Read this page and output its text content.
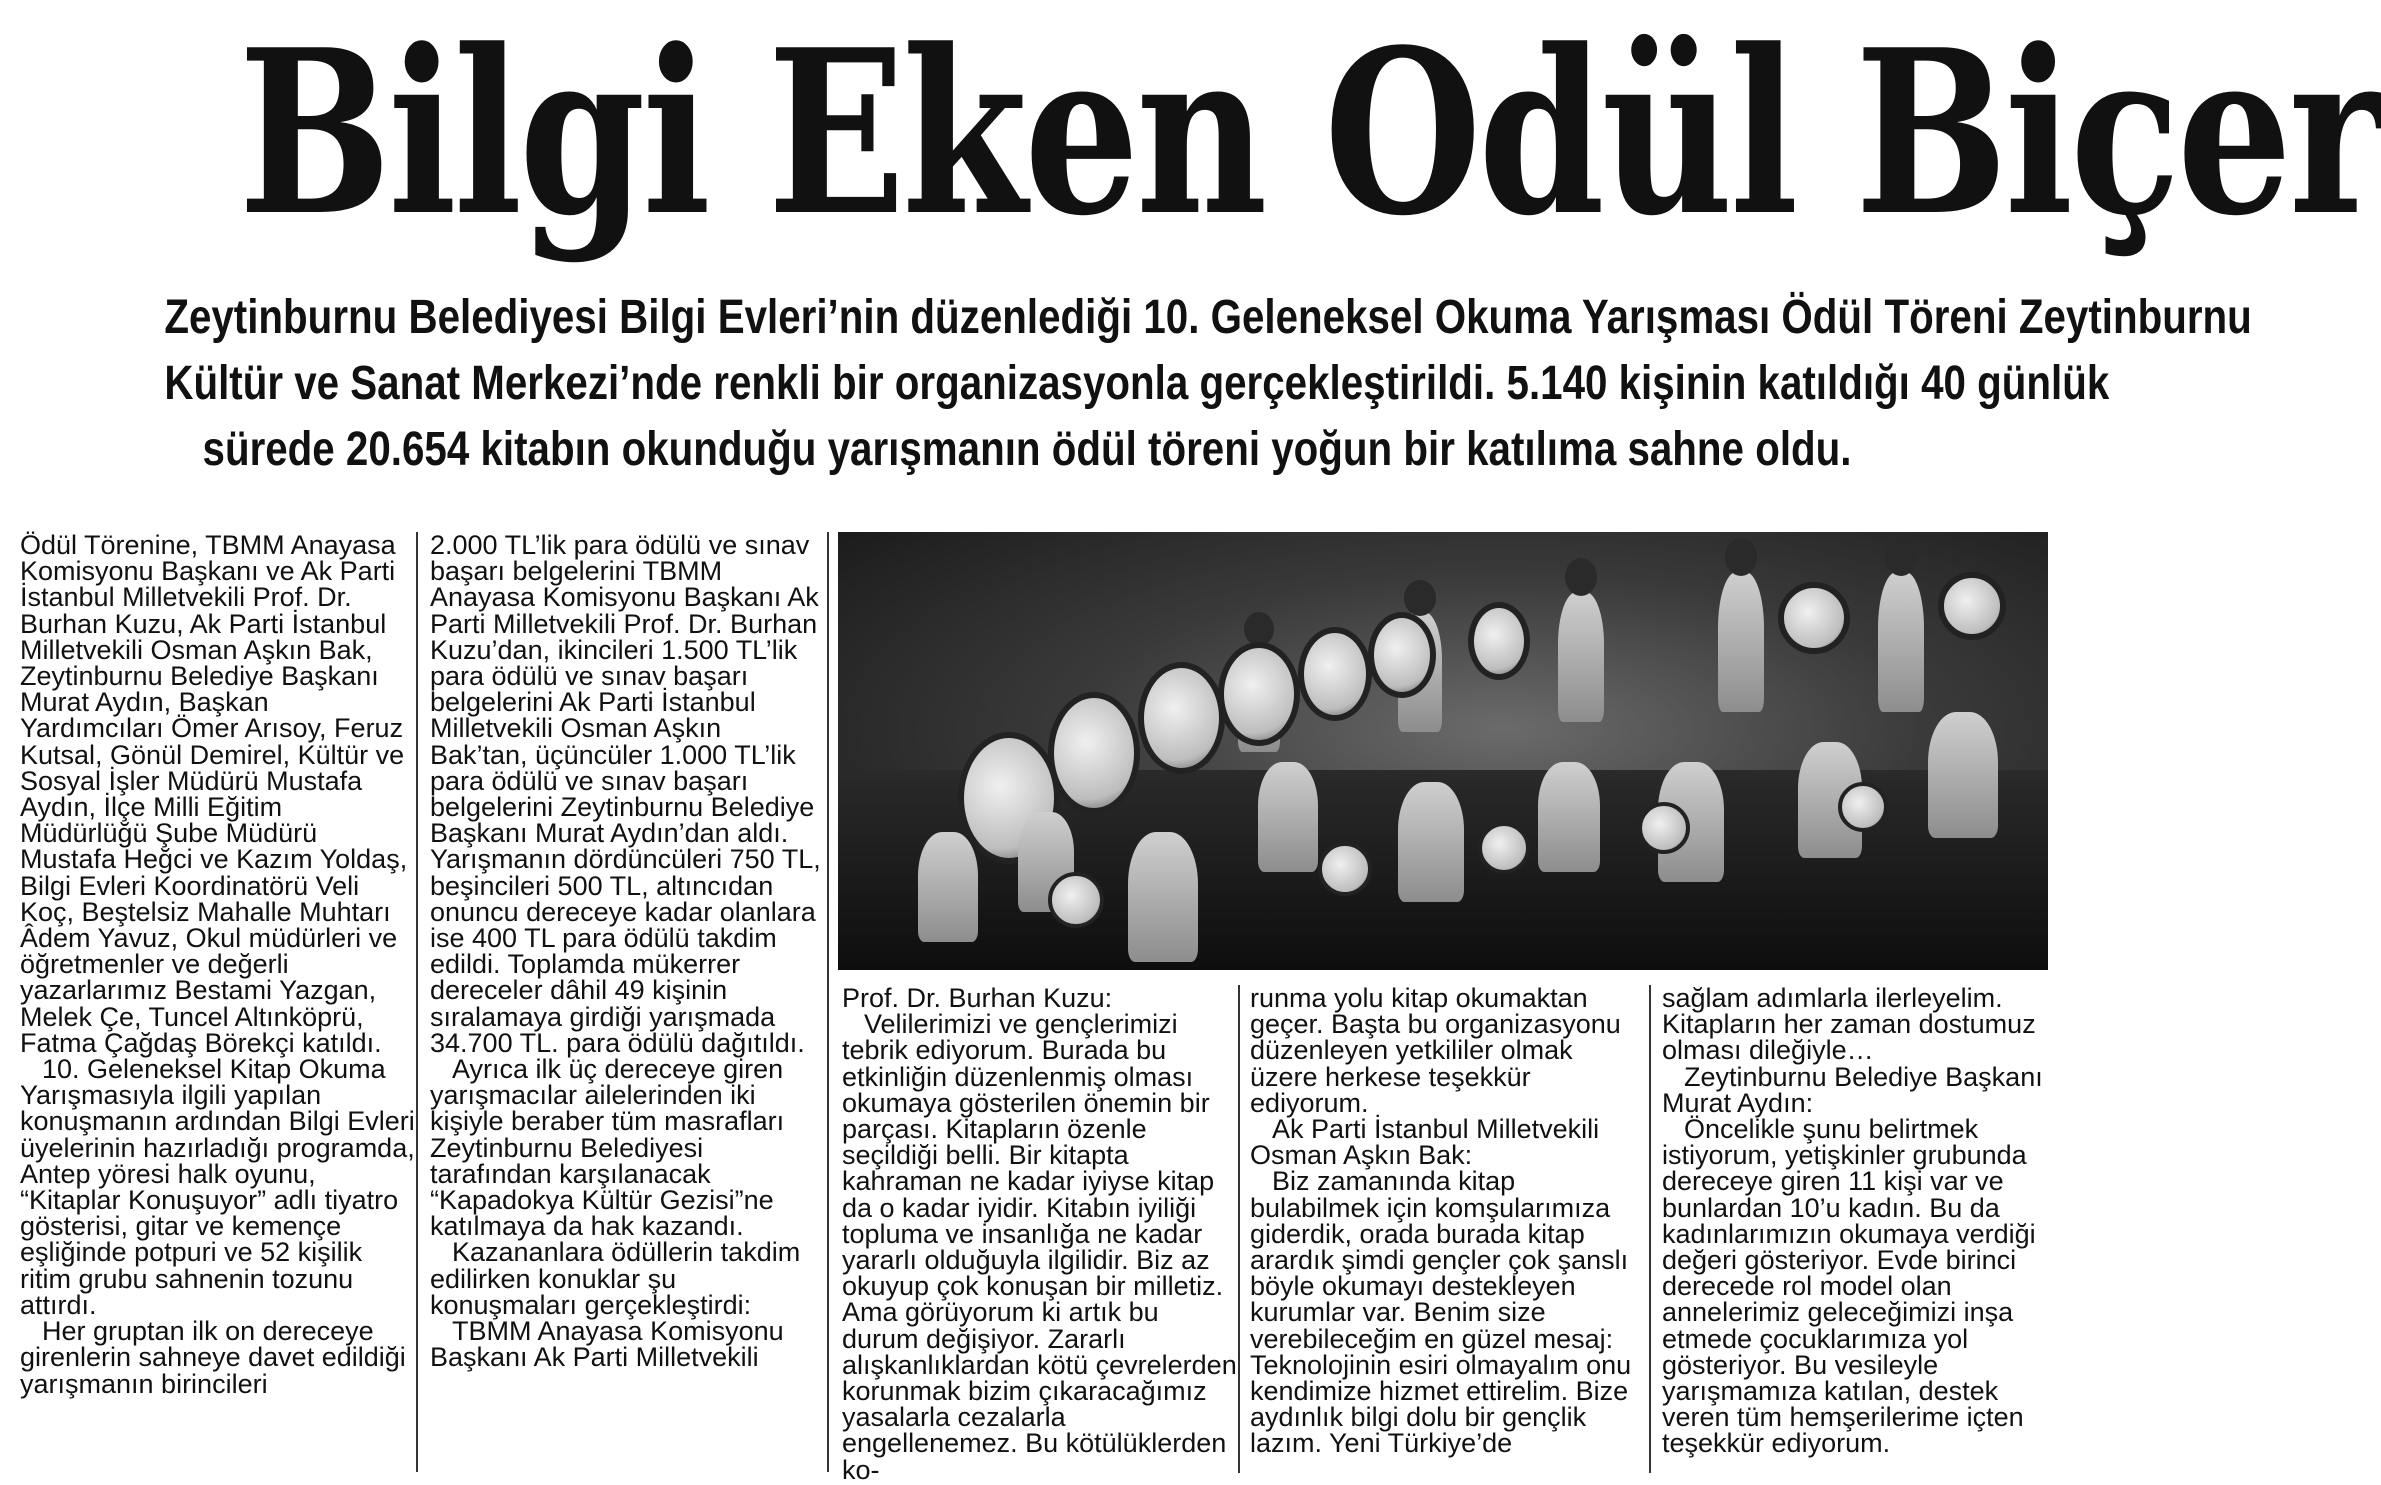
Bilgi Eken Odül Biçer
Zeytinburnu Belediyesi Bilgi Evleri’nin düzenlediği 10. Geleneksel Okuma Yarışması Ödül Töreni Zeytinburnu
Kültür ve Sanat Merkezi’nde renkli bir organizasyonla gerçekleştirildi. 5.140 kişinin katıldığı 40 günlük
sürede 20.654 kitabın okunduğu yarışmanın ödül töreni yoğun bir katılıma sahne oldu.

Ödül Törenine, TBMM Anayasa Komisyonu Başkanı ve Ak Parti İstanbul Milletvekili Prof. Dr. Burhan Kuzu, Ak Parti İstanbul Milletvekili Osman Aşkın Bak, Zeytinburnu Belediye Başkanı Murat Aydın, Başkan Yardımcıları Ömer Arısoy, Feruz Kutsal, Gönül Demirel, Kültür ve Sosyal İşler Müdürü Mustafa Aydın, İlçe Milli Eğitim Müdürlüğü Şube Müdürü Mustafa Heğci ve Kazım Yoldaş, Bilgi Evleri Koordinatörü Veli Koç, Beştelsiz Mahalle Muhtarı Âdem Yavuz, Okul müdürleri ve öğretmenler ve değerli yazarlarımız Bestami Yazgan, Melek Çe, Tuncel Altınköprü, Fatma Çağdaş Börekçi katıldı.

10. Geleneksel Kitap Okuma Yarışmasıyla ilgili yapılan konuşmanın ardından Bilgi Evleri üyelerinin hazırladığı programda, Antep yöresi halk oyunu, “Kitaplar Konuşuyor” adlı tiyatro gösterisi, gitar ve kemençe eşliğinde potpuri ve 52 kişilik ritim grubu sahnenin tozunu attırdı.

Her gruptan ilk on dereceye girenlerin sahneye davet edildiği yarışmanın birincileri

2.000 TL’lik para ödülü ve sınav başarı belgelerini TBMM Anayasa Komisyonu Başkanı Ak Parti Milletvekili Prof. Dr. Burhan Kuzu’dan, ikincileri 1.500 TL’lik para ödülü ve sınav başarı belgelerini Ak Parti İstanbul Milletvekili Osman Aşkın Bak’tan, üçüncüler 1.000 TL’lik para ödülü ve sınav başarı belgelerini Zeytinburnu Belediye Başkanı Murat Aydın’dan aldı. Yarışmanın dördüncüleri 750 TL, beşincileri 500 TL, altıncıdan onuncu dereceye kadar olanlara ise 400 TL para ödülü takdim edildi. Toplamda mükerrer dereceler dâhil 49 kişinin sıralamaya girdiği yarışmada 34.700 TL. para ödülü dağıtıldı.

Ayrıca ilk üç dereceye giren yarışmacılar ailelerinden iki kişiyle beraber tüm masrafları Zeytinburnu Belediyesi tarafından karşılanacak “Kapadokya Kültür Gezisi”ne katılmaya da hak kazandı.

Kazananlara ödüllerin takdim edilirken konuklar şu konuşmaları gerçekleştirdi:

TBMM Anayasa Komisyonu Başkanı Ak Parti Milletvekili

Prof. Dr. Burhan Kuzu:

Velilerimizi ve gençlerimizi tebrik ediyorum. Burada bu etkinliğin düzenlenmiş olması okumaya gösterilen önemin bir parçası. Kitapların özenle seçildiği belli. Bir kitapta kahraman ne kadar iyiyse kitap da o kadar iyidir. Kitabın iyiliği topluma ve insanlığa ne kadar yararlı olduğuyla ilgilidir. Biz az okuyup çok konuşan bir milletiz. Ama görüyorum ki artık bu durum değişiyor. Zararlı alışkanlıklardan kötü çevrelerden korunmak bizim çıkaracağımız yasalarla cezalarla engellenemez. Bu kötülüklerden ko-

runma yolu kitap okumaktan geçer. Başta bu organizasyonu düzenleyen yetkililer olmak üzere herkese teşekkür ediyorum.

Ak Parti İstanbul Milletvekili Osman Aşkın Bak:

Biz zamanında kitap bulabilmek için komşularımıza giderdik, orada burada kitap arardık şimdi gençler çok şanslı böyle okumayı destekleyen kurumlar var. Benim size verebileceğim en güzel mesaj: Teknolojinin esiri olmayalım onu kendimize hizmet ettirelim. Bize aydınlık bilgi dolu bir gençlik lazım. Yeni Türkiye’de

sağlam adımlarla ilerleyelim. Kitapların her zaman dostumuz olması dileğiyle…

Zeytinburnu Belediye Başkanı Murat Aydın:

Öncelikle şunu belirtmek istiyorum, yetişkinler grubunda dereceye giren 11 kişi var ve bunlardan 10’u kadın. Bu da kadınlarımızın okumaya verdiği değeri gösteriyor. Evde birinci derecede rol model olan annelerimiz geleceğimizi inşa etmede çocuklarımıza yol gösteriyor. Bu vesileyle yarışmamıza katılan, destek veren tüm hemşerilerime içten teşekkür ediyorum.
